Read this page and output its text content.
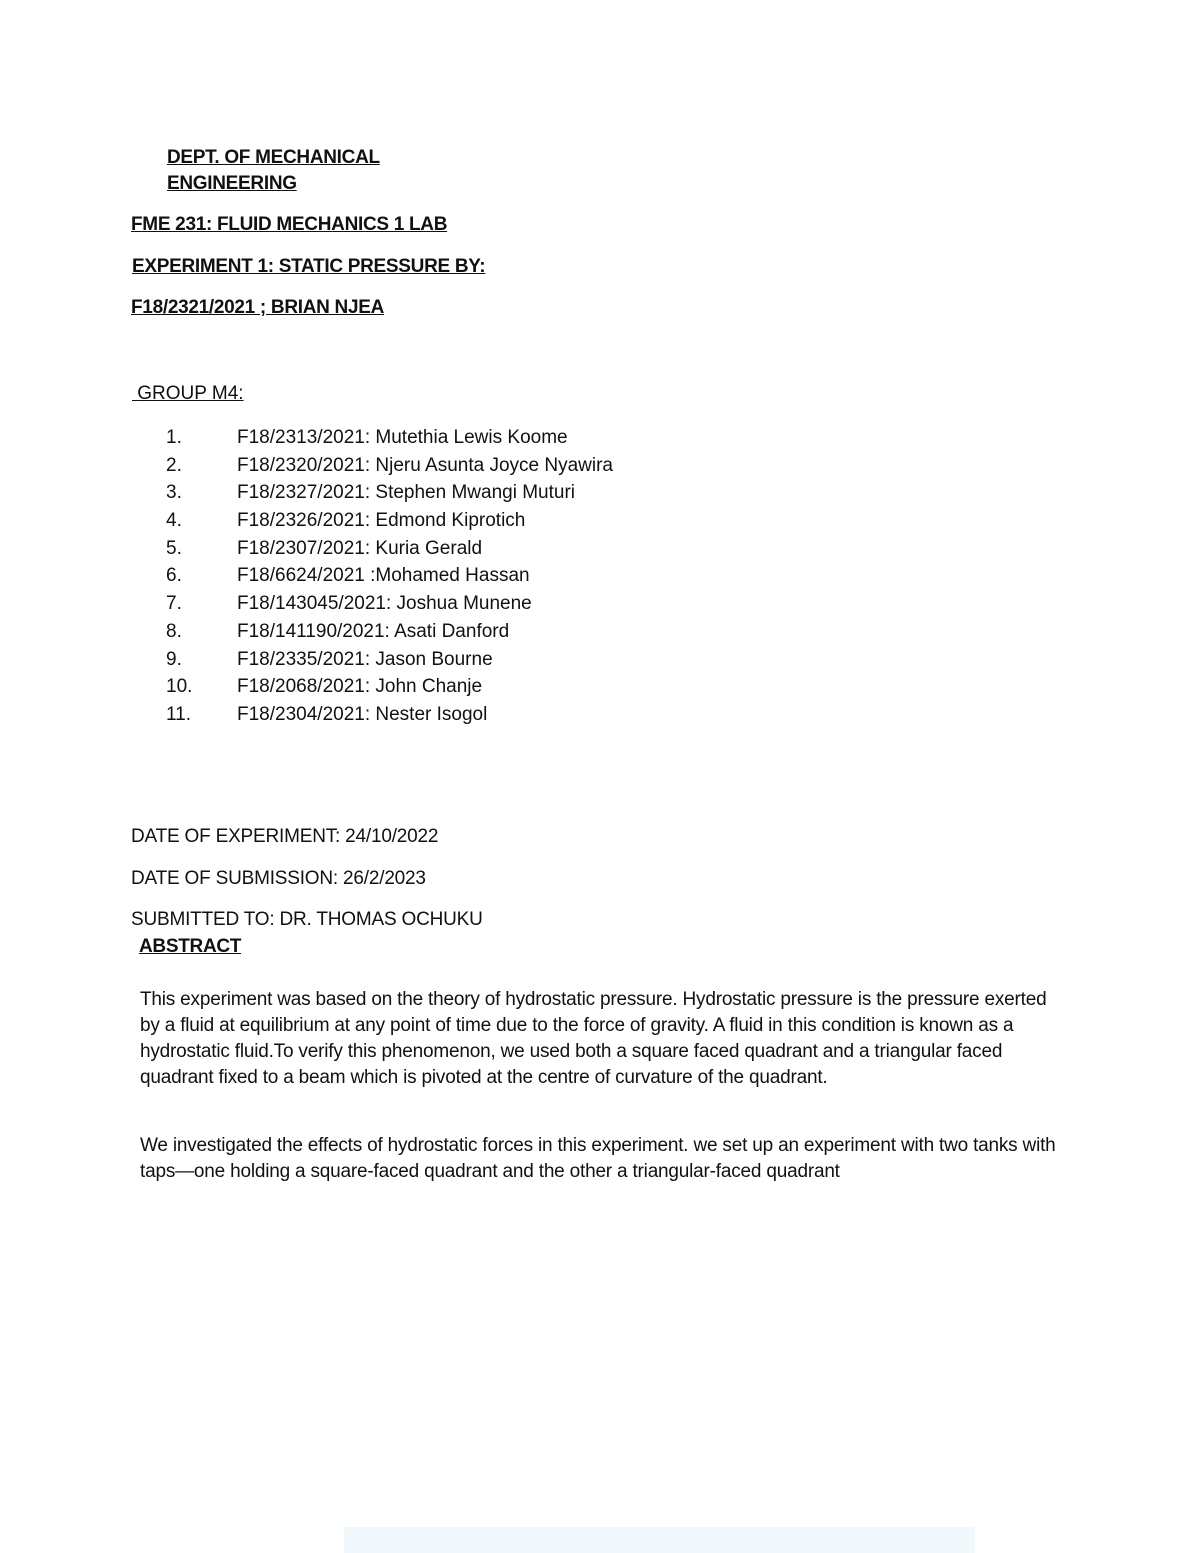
DEPT. OF MECHANICAL
ENGINEERING
FME 231: FLUID MECHANICS 1 LAB
EXPERIMENT 1: STATIC PRESSURE BY:
F18/2321/2021 ; BRIAN NJEA
GROUP M4:
1.	F18/2313/2021: Mutethia Lewis Koome
2.	F18/2320/2021: Njeru Asunta Joyce Nyawira
3.	F18/2327/2021: Stephen Mwangi Muturi
4.	F18/2326/2021: Edmond Kiprotich
5.	F18/2307/2021: Kuria Gerald
6.	F18/6624/2021 :Mohamed Hassan
7.	F18/143045/2021: Joshua Munene
8.	F18/141190/2021: Asati Danford
9.	F18/2335/2021: Jason Bourne
10.	F18/2068/2021: John Chanje
11.	F18/2304/2021: Nester Isogol
DATE OF EXPERIMENT: 24/10/2022
DATE OF SUBMISSION: 26/2/2023
SUBMITTED TO: DR. THOMAS OCHUKU
ABSTRACT

This experiment was based on the theory of hydrostatic pressure. Hydrostatic pressure is the pressure exerted by a fluid at equilibrium at any point of time due to the force of gravity. A fluid in this condition is known as a hydrostatic fluid.To verify this phenomenon, we used both a square faced quadrant and a triangular faced quadrant fixed to a beam which is pivoted at the centre of curvature of the quadrant.

We investigated the effects of hydrostatic forces in this experiment. we set up an experiment with two tanks with taps—one holding a square-faced quadrant and the other a triangular-faced quadrant
